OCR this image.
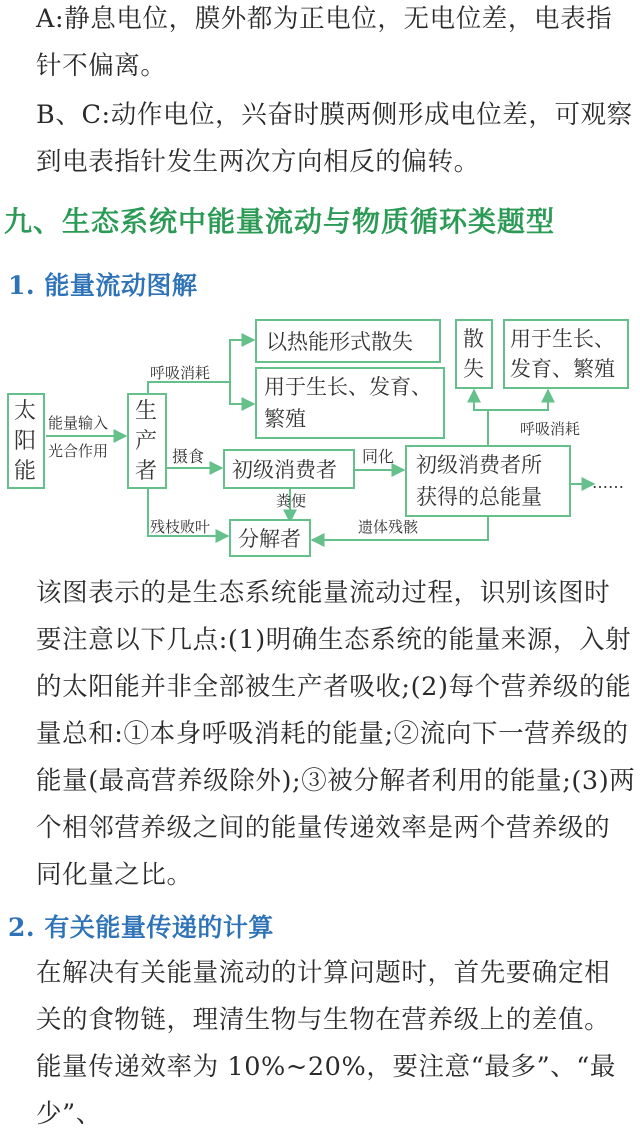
A:静息电位，膜外都为正电位，无电位差，电表指针不偏离。

B、C:动作电位，兴奋时膜两侧形成电位差，可观察到电表指针发生两次方向相反的偏转。

九、生态系统中能量流动与物质循环类题型
1. 能量流动图解
太
阳
能
能量输入
光合作用
生
产
者
呼吸消耗
以热能形式散失
用于生长、发育、
繁殖
摄食
初级消费者
同化 初级消费者所
获得的总能量
……
粪便
残枝败叶 分解者	遗体残骸
呼吸消耗
散
失
用于生长、
发育、繁殖

该图表示的是生态系统能量流动过程，识别该图时要注意以下几点:(1)明确生态系统的能量来源，入射的太阳能并非全部被生产者吸收;(2)每个营养级的能量总和:①本身呼吸消耗的能量;②流向下一营养级的能量(最高营养级除外);③被分解者利用的能量;(3)两个相邻营养级之间的能量传递效率是两个营养级的同化量之比。

2. 有关能量传递的计算

在解决有关能量流动的计算问题时，首先要确定相关的食物链，理清生物与生物在营养级上的差值。能量传递效率为 10%~20%，要注意“最多”、“最少”、
